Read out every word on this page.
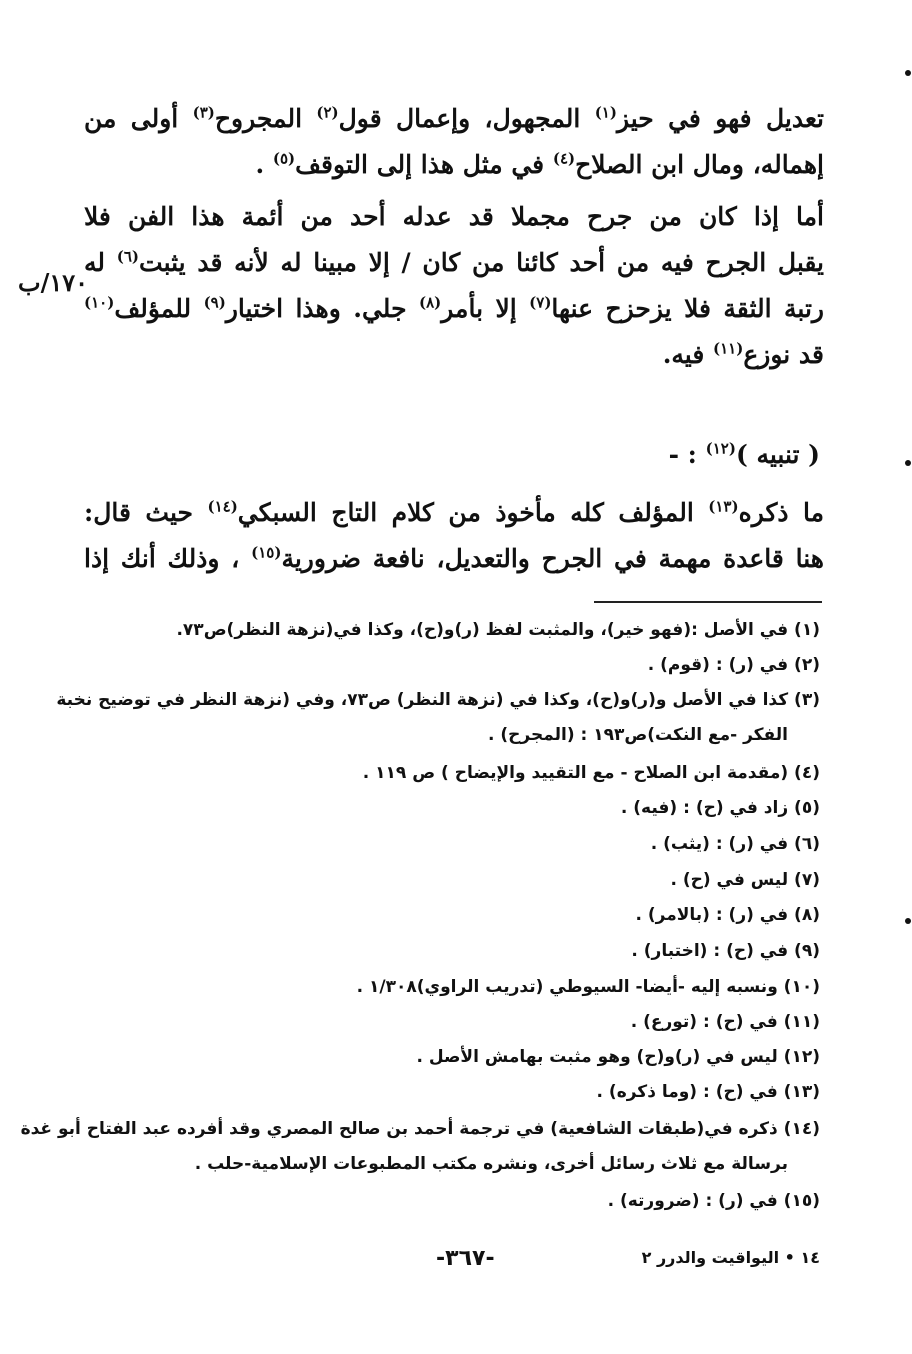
١٧٠/ب
تعديل فهو في حيز$^{(١)}$ المجهول، وإعمال قول$^{(٢)}$ المجروح$^{(٣)}$ أولى من
إهماله، ومال ابن الصلاح$^{(٤)}$ في مثل هذا إلى التوقف$^{(٥)}$ .
أما إذا كان من جرح مجملا قد عدله أحد من أئمة هذا الفن فلا
يقبل الجرح فيه من أحد كائنا من كان / إلا مبينا له لأنه قد يثبت$^{(٦)}$ له
رتبة الثقة فلا يزحزح عنها$^{(٧)}$ إلا بأمر$^{(٨)}$ جلي. وهذا اختيار$^{(٩)}$ للمؤلف$^{(١٠)}$
قد نوزع$^{(١١)}$ فيه.
( تنبيه )$^{(١٢)}$ : -
ما ذكره$^{(١٣)}$ المؤلف كله مأخوذ من كلام التاج السبكي$^{(١٤)}$ حيث قال:
هنا قاعدة مهمة في الجرح والتعديل، نافعة ضرورية$^{(١٥)}$ ، وذلك أنك إذا
(١) في الأصل :(فهو خير)، والمثبت لفظ (ر)و(ح)، وكذا في(نزهة النظر)ص٧٣.
(٢) في (ر) : (قوم) .
(٣) كذا في الأصل و(ر)و(ح)، وكذا في (نزهة النظر) ص٧٣، وفي (نزهة النظر في توضيح نخبة
الفكر -مع النكت)ص١٩٣ : (المجرح) .
(٤) (مقدمة ابن الصلاح - مع التقييد والإيضاح ) ص ١١٩ .
(٥) زاد في (ح) : (فيه) .
(٦) في (ر) : (يثب) .
(٧) ليس في (ح) .
(٨) في (ر) : (بالامر) .
(٩) في (ح) : (اختبار) .
(١٠) ونسبه إليه -أيضا- السيوطي (تدريب الراوي)١/٣٠٨ .
(١١) في (ح) : (تورع) .
(١٢) ليس في (ر)و(ح) وهو مثبت بهامش الأصل .
(١٣) في (ح) : (وما ذكره) .
(١٤) ذكره في(طبقات الشافعية) في ترجمة أحمد بن صالح المصري وقد أفرده عبد الفتاح أبو غدة
برسالة مع ثلاث رسائل أخرى، ونشره مكتب المطبوعات الإسلامية-حلب .
(١٥) في (ر) : (ضرورته) .
١٤ • اليواقيت والدرر ٢
-٣٦٧-
